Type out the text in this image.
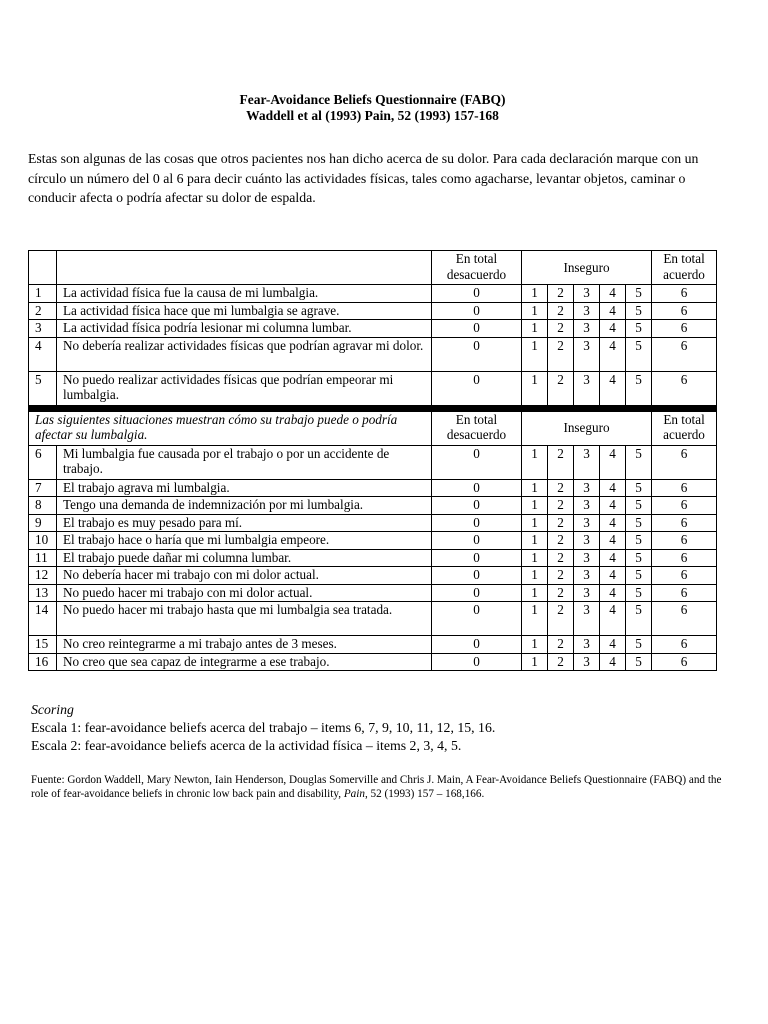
Fear-Avoidance Beliefs Questionnaire (FABQ)
Waddell et al (1993) Pain, 52 (1993) 157-168
Estas son algunas de las cosas que otros pacientes nos han dicho acerca de su dolor. Para cada declaración marque con un círculo un número del 0 al 6 para decir cuánto las actividades físicas, tales como agacharse, levantar objetos, caminar o conducir afecta o podría afectar su dolor de espalda.
		En total desacuerdo	Inseguro					En total acuerdo
1	La actividad física fue la causa de mi lumbalgia.	0	1	2	3	4	5	6
2	La actividad física hace que mi lumbalgia se agrave.	0	1	2	3	4	5	6
3	La actividad física podría lesionar mi columna lumbar.	0	1	2	3	4	5	6
4	No debería realizar actividades físicas que podrían agravar mi dolor.	0	1	2	3	4	5	6
5	No puedo realizar actividades físicas que podrían empeorar mi lumbalgia.	0	1	2	3	4	5	6

Las siguientes situaciones muestran cómo su trabajo puede o podría afectar su lumbalgia.		En total desacuerdo	Inseguro					En total acuerdo
6	Mi lumbalgia fue causada por el trabajo o por un accidente de trabajo.	0	1	2	3	4	5	6
7	El trabajo agrava mi lumbalgia.	0	1	2	3	4	5	6
8	Tengo una demanda de indemnización por mi lumbalgia.	0	1	2	3	4	5	6
9	El trabajo es muy pesado para mí.	0	1	2	3	4	5	6
10	El trabajo hace o haría que mi lumbalgia empeore.	0	1	2	3	4	5	6
11	El trabajo puede dañar mi columna lumbar.	0	1	2	3	4	5	6
12	No debería hacer mi trabajo con mi dolor actual.	0	1	2	3	4	5	6
13	No puedo hacer mi trabajo con mi dolor actual.	0	1	2	3	4	5	6
14	No puedo hacer mi trabajo hasta que mi lumbalgia sea tratada.	0	1	2	3	4	5	6
15	No creo reintegrarme a mi trabajo antes de 3 meses.	0	1	2	3	4	5	6
16	No creo que sea capaz de integrarme a ese trabajo.	0	1	2	3	4	5	6
Scoring
Escala 1: fear-avoidance beliefs acerca del trabajo – items 6, 7, 9, 10, 11, 12, 15, 16.
Escala 2: fear-avoidance beliefs acerca de la actividad física – items 2, 3, 4, 5.
Fuente: Gordon Waddell, Mary Newton, Iain Henderson, Douglas Somerville and Chris J. Main, A Fear-Avoidance Beliefs Questionnaire (FABQ) and the role of fear-avoidance beliefs in chronic low back pain and disability, Pain, 52 (1993) 157 – 168,166.
